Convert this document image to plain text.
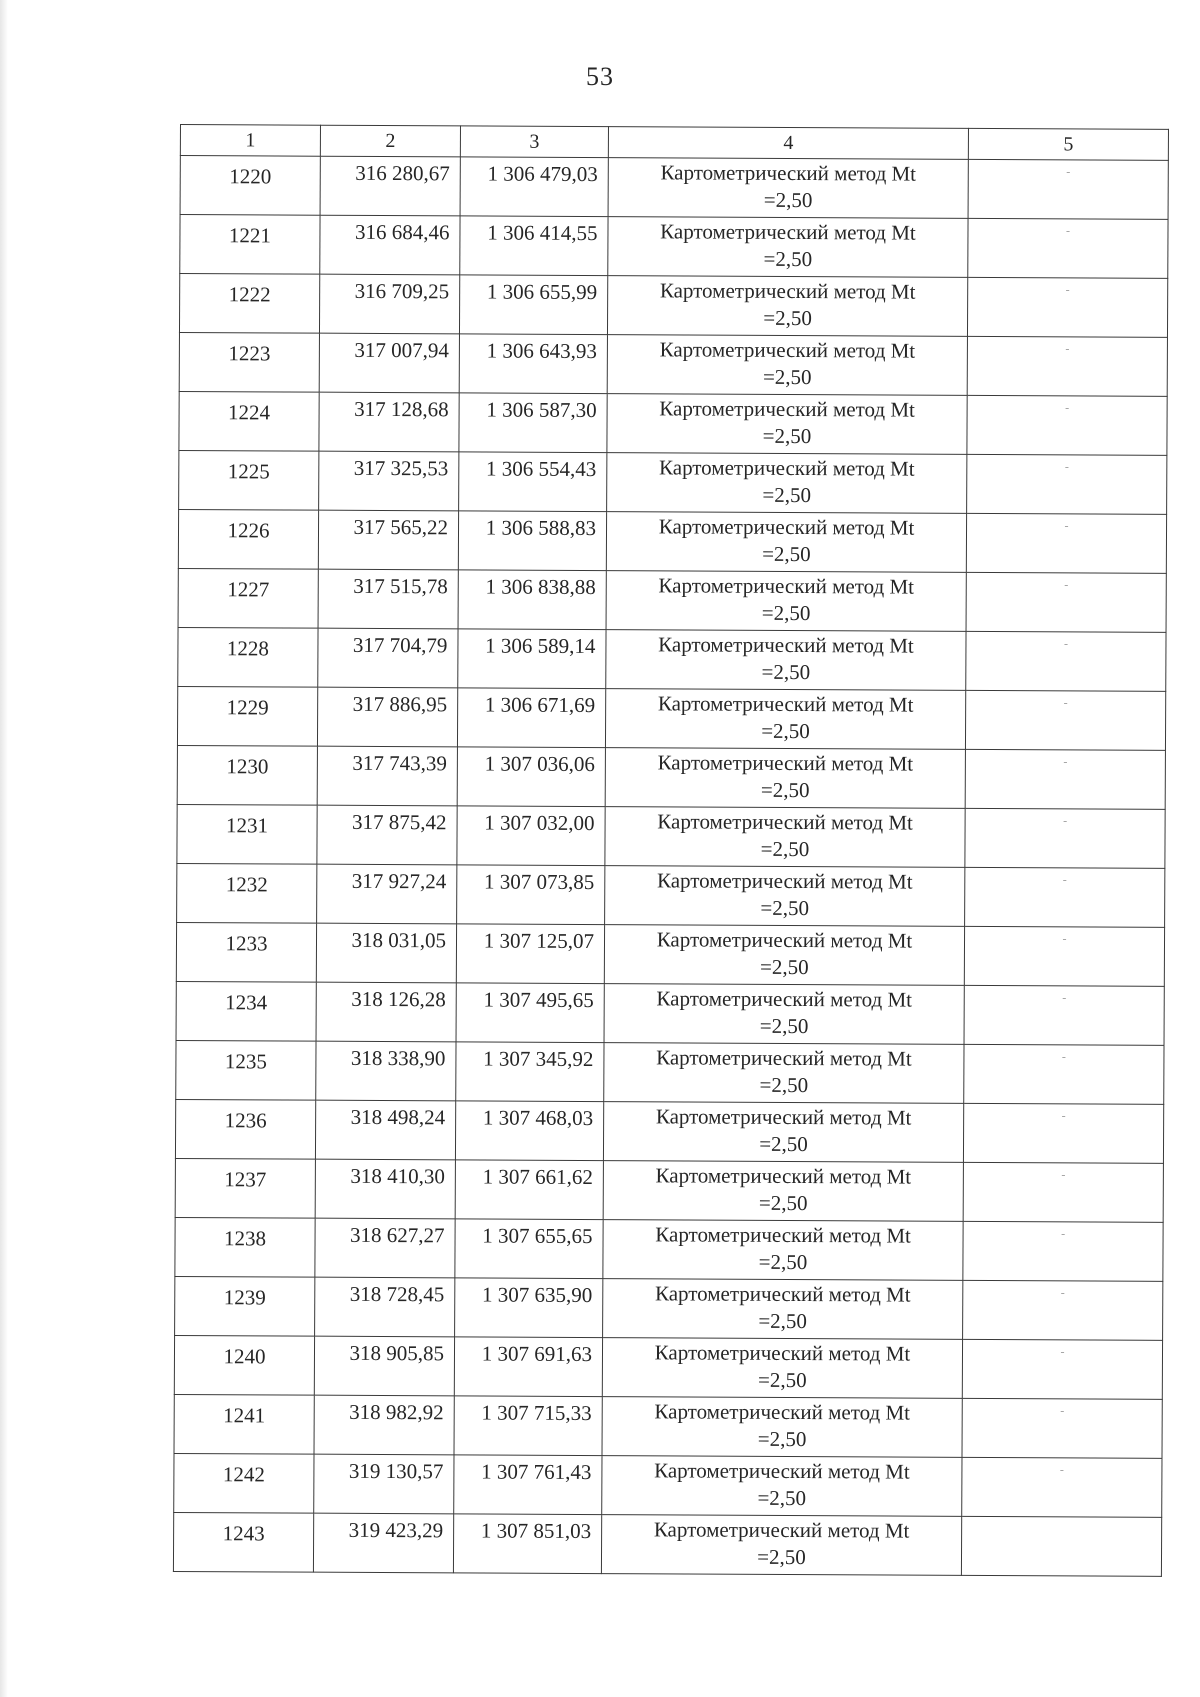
53
1	2	3	4	5
1220	316 280,67	1 306 479,03	Картометрический метод Mt
=2,50	-
1221	316 684,46	1 306 414,55	Картометрический метод Mt
=2,50	-
1222	316 709,25	1 306 655,99	Картометрический метод Mt
=2,50	-
1223	317 007,94	1 306 643,93	Картометрический метод Mt
=2,50	-
1224	317 128,68	1 306 587,30	Картометрический метод Mt
=2,50	-
1225	317 325,53	1 306 554,43	Картометрический метод Mt
=2,50	-
1226	317 565,22	1 306 588,83	Картометрический метод Mt
=2,50	-
1227	317 515,78	1 306 838,88	Картометрический метод Mt
=2,50	-
1228	317 704,79	1 306 589,14	Картометрический метод Mt
=2,50	-
1229	317 886,95	1 306 671,69	Картометрический метод Mt
=2,50	-
1230	317 743,39	1 307 036,06	Картометрический метод Mt
=2,50	-
1231	317 875,42	1 307 032,00	Картометрический метод Mt
=2,50	-
1232	317 927,24	1 307 073,85	Картометрический метод Mt
=2,50	-
1233	318 031,05	1 307 125,07	Картометрический метод Mt
=2,50	-
1234	318 126,28	1 307 495,65	Картометрический метод Mt
=2,50	-
1235	318 338,90	1 307 345,92	Картометрический метод Mt
=2,50	-
1236	318 498,24	1 307 468,03	Картометрический метод Mt
=2,50	-
1237	318 410,30	1 307 661,62	Картометрический метод Mt
=2,50	-
1238	318 627,27	1 307 655,65	Картометрический метод Mt
=2,50	-
1239	318 728,45	1 307 635,90	Картометрический метод Mt
=2,50	-
1240	318 905,85	1 307 691,63	Картометрический метод Mt
=2,50	-
1241	318 982,92	1 307 715,33	Картометрический метод Mt
=2,50	-
1242	319 130,57	1 307 761,43	Картометрический метод Mt
=2,50	-
1243	319 423,29	1 307 851,03	Картометрический метод Mt
=2,50	
